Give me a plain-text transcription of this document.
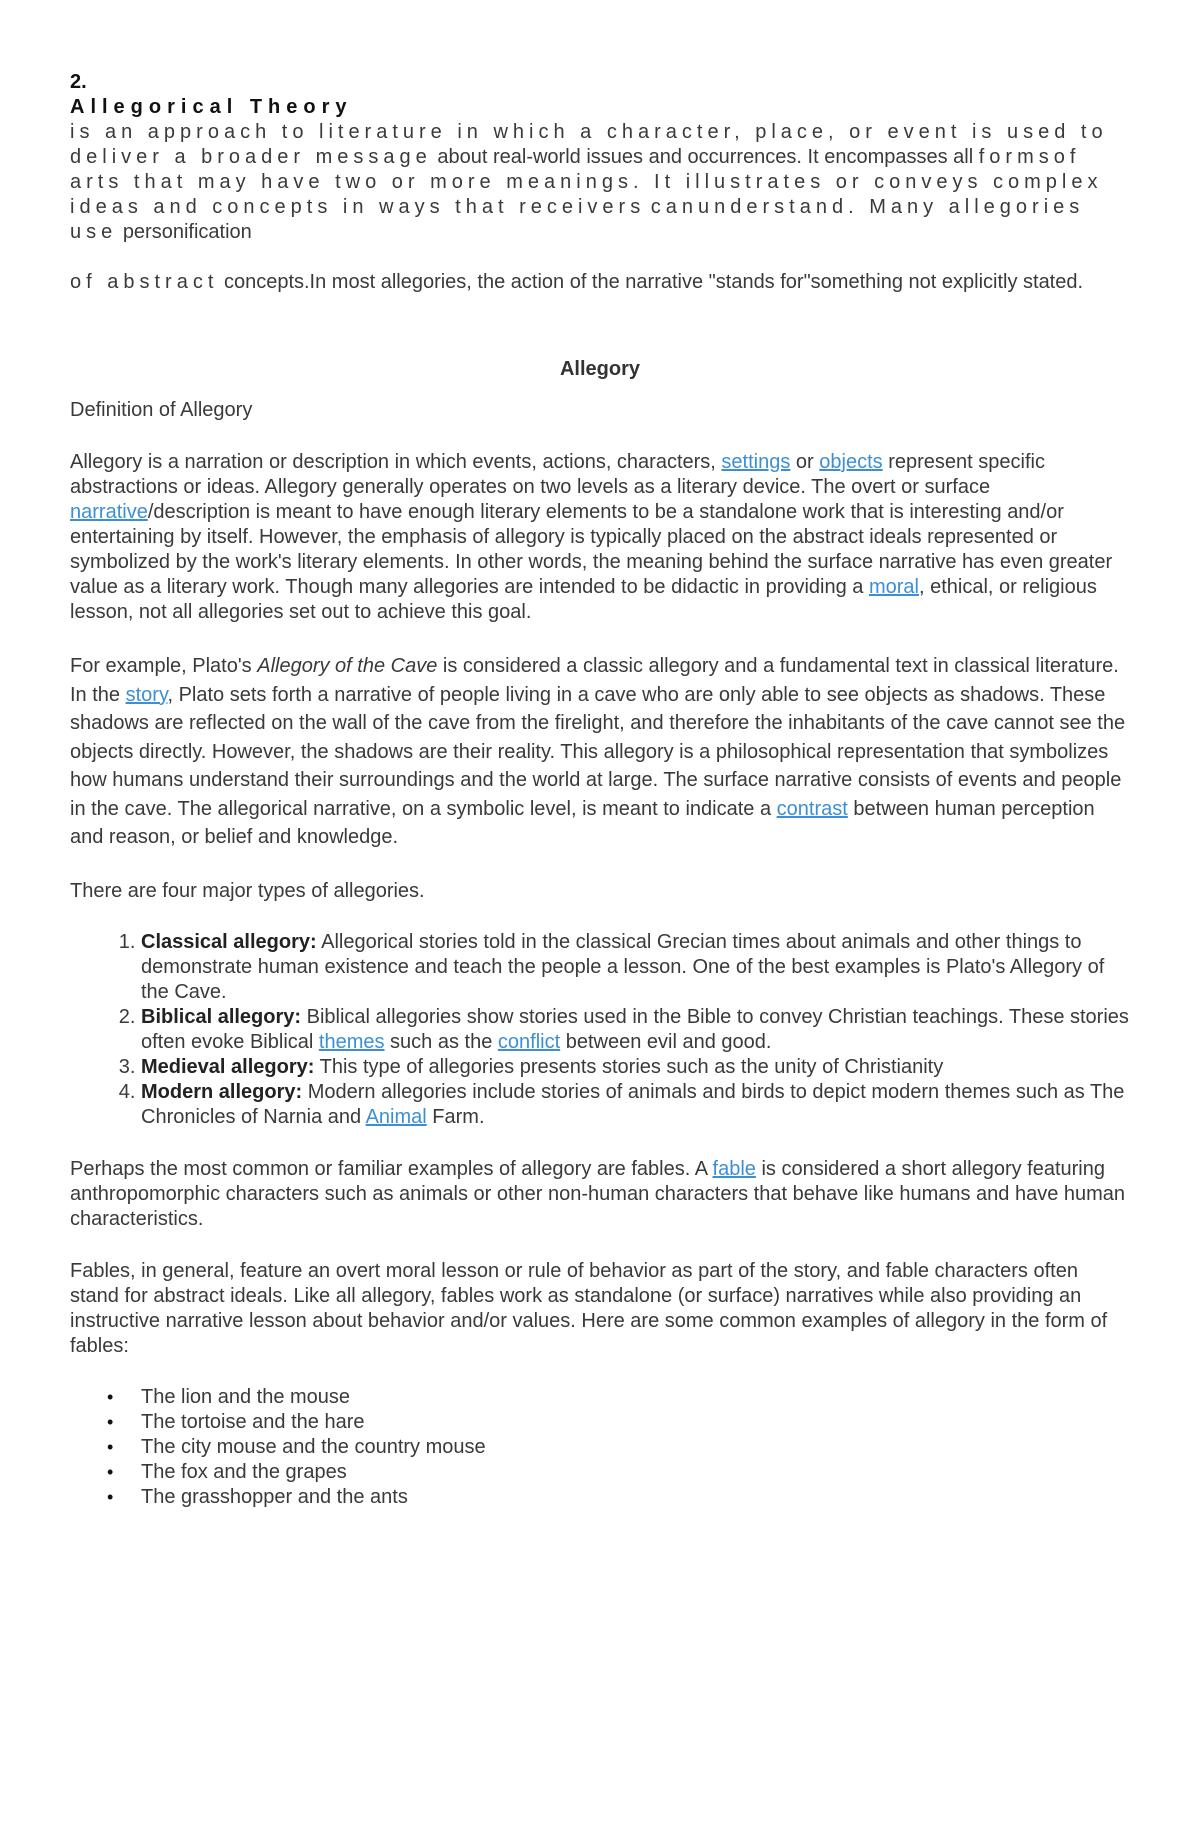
2.
Allegorical Theory

is an approach to literature in which a character, place, or event is used to deliver a broader message about real-world issues and occurrences. It encompasses all formsof arts that may have two or more meanings. It illustrates or conveys complex ideas and concepts in ways that receivers canunderstand. Many allegories use personification

of abstract concepts.In most allegories, the action of the narrative "stands for"something not explicitly stated.

Allegory

Definition of Allegory

Allegory is a narration or description in which events, actions, characters, settings or objects represent specific abstractions or ideas. Allegory generally operates on two levels as a literary device. The overt or surface narrative/description is meant to have enough literary elements to be a standalone work that is interesting and/or entertaining by itself. However, the emphasis of allegory is typically placed on the abstract ideals represented or symbolized by the work's literary elements. In other words, the meaning behind the surface narrative has even greater value as a literary work. Though many allegories are intended to be didactic in providing a moral, ethical, or religious lesson, not all allegories set out to achieve this goal.

For example, Plato's Allegory of the Cave is considered a classic allegory and a fundamental text in classical literature. In the story, Plato sets forth a narrative of people living in a cave who are only able to see objects as shadows. These shadows are reflected on the wall of the cave from the firelight, and therefore the inhabitants of the cave cannot see the objects directly. However, the shadows are their reality. This allegory is a philosophical representation that symbolizes how humans understand their surroundings and the world at large. The surface narrative consists of events and people in the cave. The allegorical narrative, on a symbolic level, is meant to indicate a contrast between human perception and reason, or belief and knowledge.

There are four major types of allegories.

1. Classical allegory: Allegorical stories told in the classical Grecian times about animals and other things to demonstrate human existence and teach the people a lesson. One of the best examples is Plato's Allegory of the Cave.
2. Biblical allegory: Biblical allegories show stories used in the Bible to convey Christian teachings. These stories often evoke Biblical themes such as the conflict between evil and good.
3. Medieval allegory: This type of allegories presents stories such as the unity of Christianity
4. Modern allegory: Modern allegories include stories of animals and birds to depict modern themes such as The Chronicles of Narnia and Animal Farm.

Perhaps the most common or familiar examples of allegory are fables. A fable is considered a short allegory featuring anthropomorphic characters such as animals or other non-human characters that behave like humans and have human characteristics.

Fables, in general, feature an overt moral lesson or rule of behavior as part of the story, and fable characters often stand for abstract ideals. Like all allegory, fables work as standalone (or surface) narratives while also providing an instructive narrative lesson about behavior and/or values. Here are some common examples of allegory in the form of fables:

• The lion and the mouse
• The tortoise and the hare
• The city mouse and the country mouse
• The fox and the grapes
• The grasshopper and the ants
